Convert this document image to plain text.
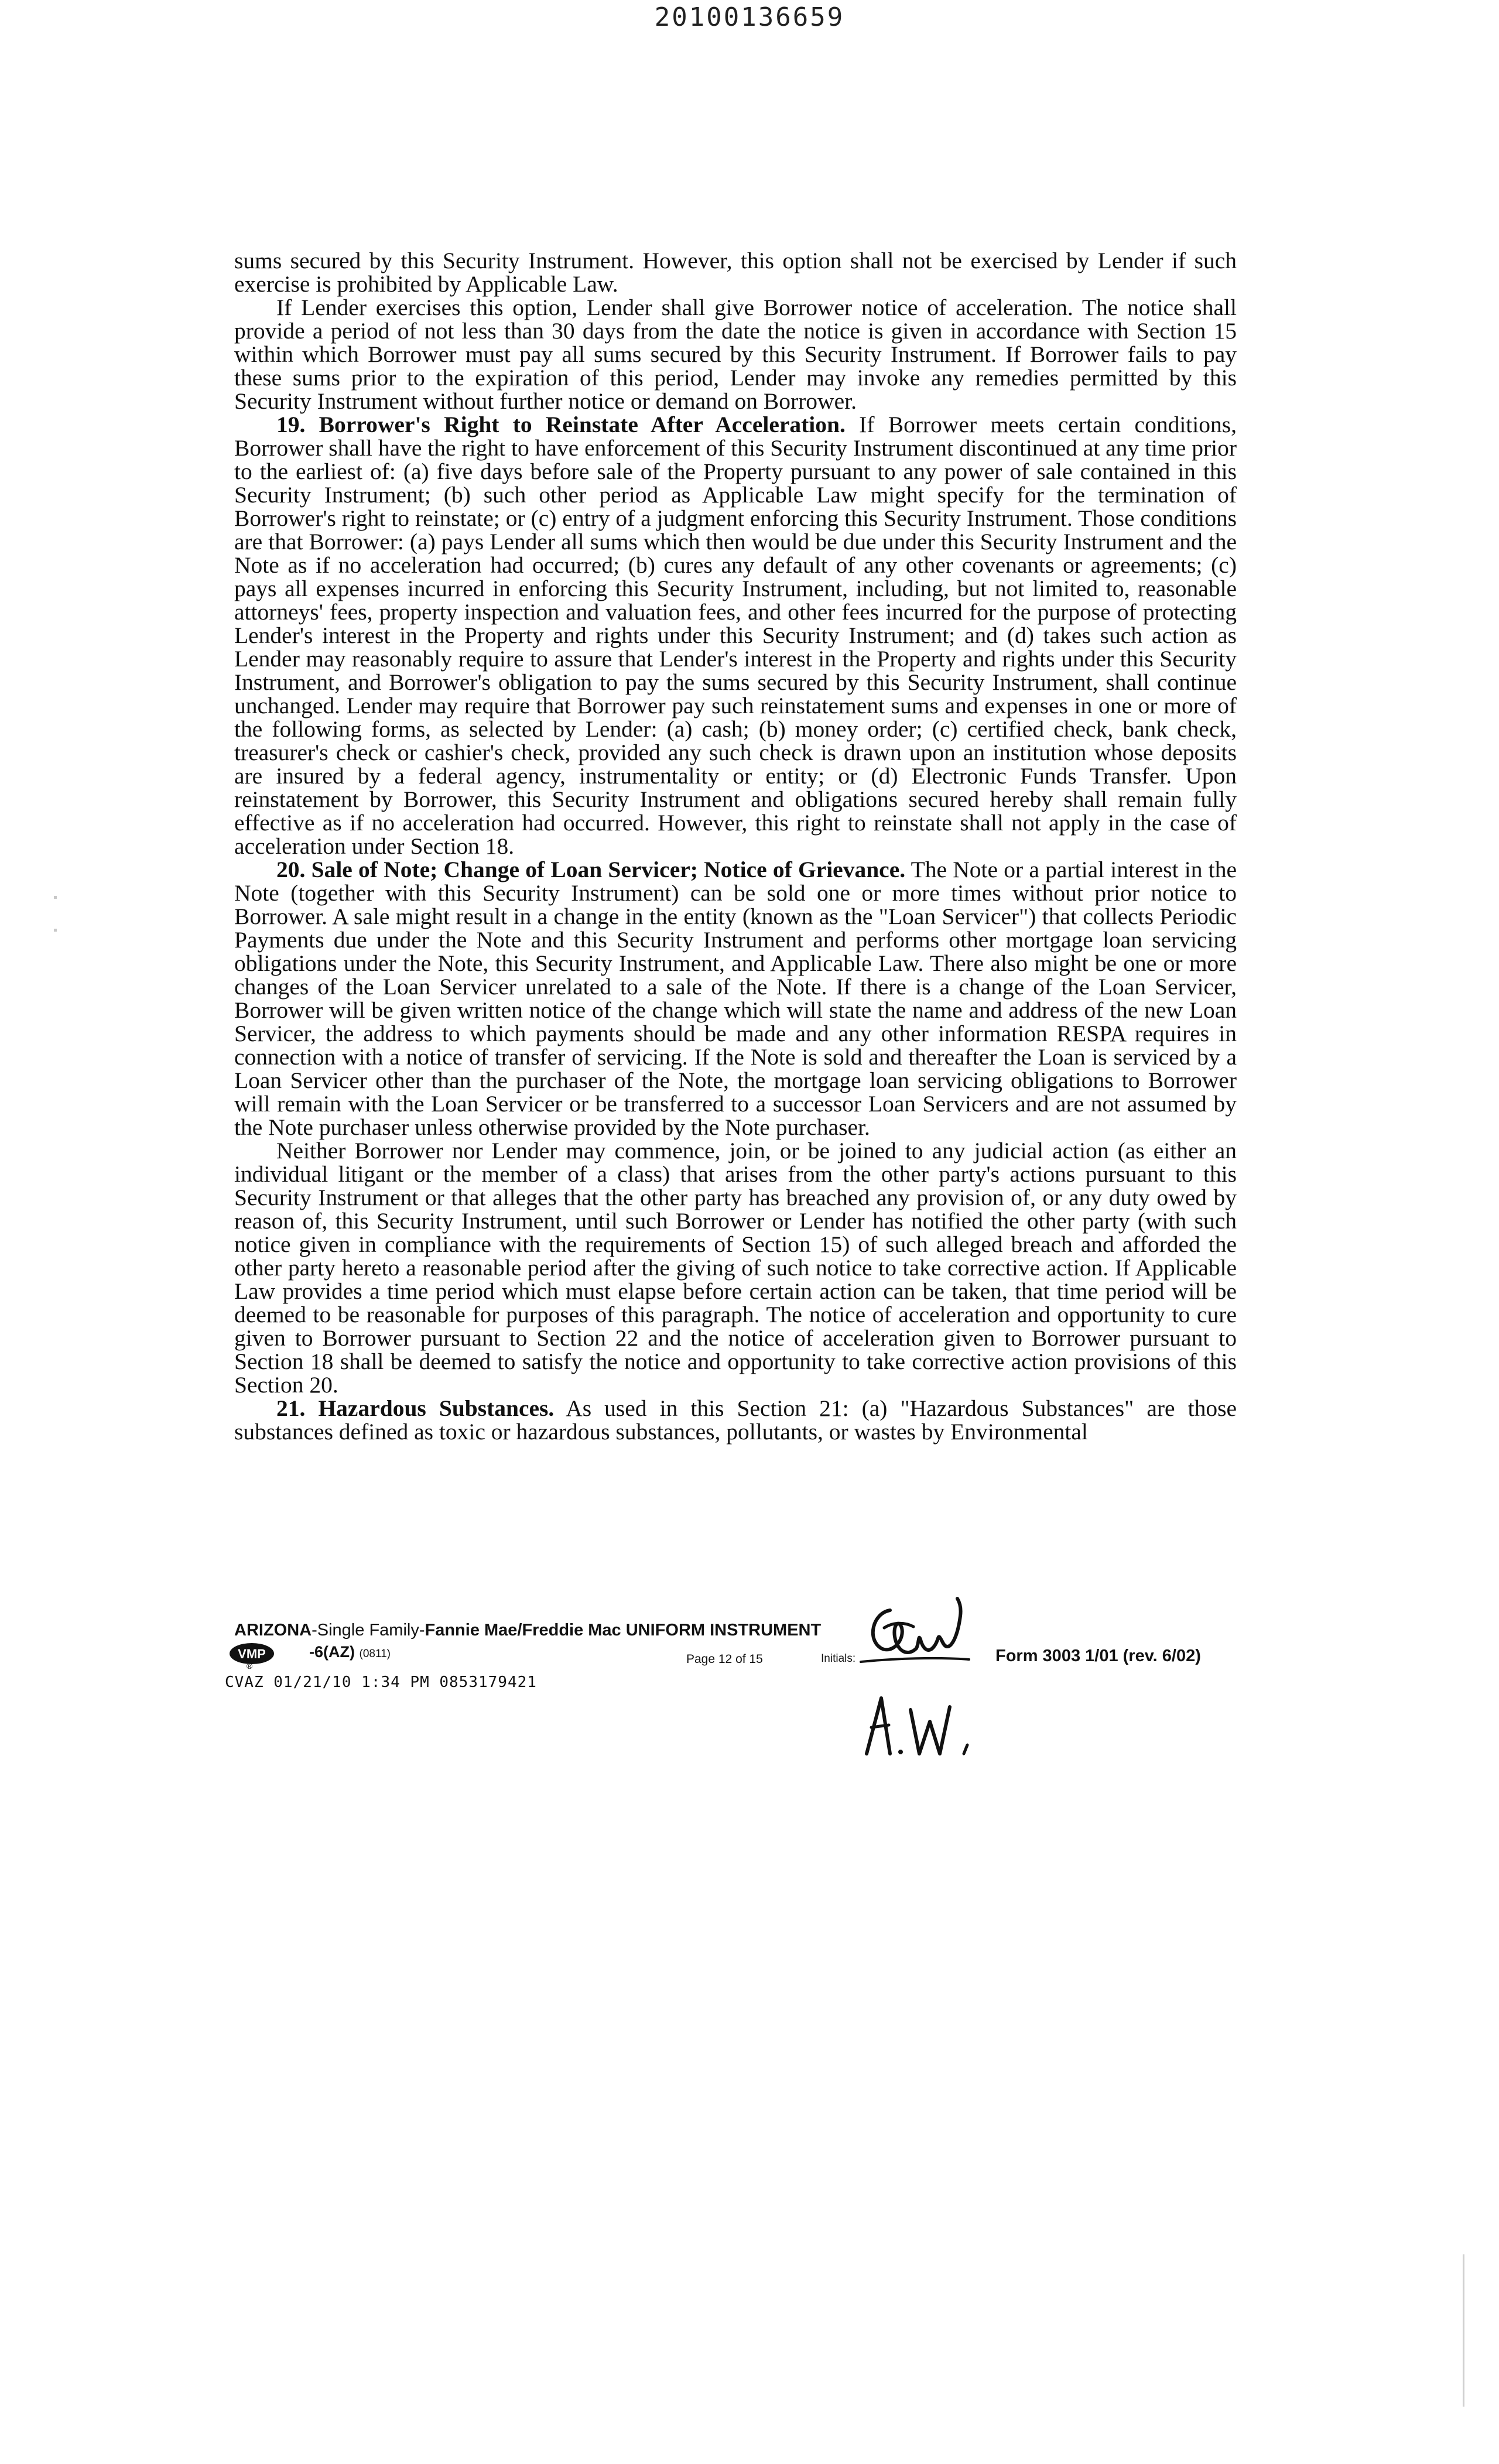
20100136659

sums secured by this Security Instrument. However, this option shall not be exercised by Lender if such exercise is prohibited by Applicable Law.

If Lender exercises this option, Lender shall give Borrower notice of acceleration. The notice shall provide a period of not less than 30 days from the date the notice is given in accordance with Section 15 within which Borrower must pay all sums secured by this Security Instrument. If Borrower fails to pay these sums prior to the expiration of this period, Lender may invoke any remedies permitted by this Security Instrument without further notice or demand on Borrower.

19. Borrower's Right to Reinstate After Acceleration. If Borrower meets certain conditions, Borrower shall have the right to have enforcement of this Security Instrument discontinued at any time prior to the earliest of: (a) five days before sale of the Property pursuant to any power of sale contained in this Security Instrument; (b) such other period as Applicable Law might specify for the termination of Borrower's right to reinstate; or (c) entry of a judgment enforcing this Security Instrument. Those conditions are that Borrower: (a) pays Lender all sums which then would be due under this Security Instrument and the Note as if no acceleration had occurred; (b) cures any default of any other covenants or agreements; (c) pays all expenses incurred in enforcing this Security Instrument, including, but not limited to, reasonable attorneys' fees, property inspection and valuation fees, and other fees incurred for the purpose of protecting Lender's interest in the Property and rights under this Security Instrument; and (d) takes such action as Lender may reasonably require to assure that Lender's interest in the Property and rights under this Security Instrument, and Borrower's obligation to pay the sums secured by this Security Instrument, shall continue unchanged. Lender may require that Borrower pay such reinstatement sums and expenses in one or more of the following forms, as selected by Lender: (a) cash; (b) money order; (c) certified check, bank check, treasurer's check or cashier's check, provided any such check is drawn upon an institution whose deposits are insured by a federal agency, instrumentality or entity; or (d) Electronic Funds Transfer. Upon reinstatement by Borrower, this Security Instrument and obligations secured hereby shall remain fully effective as if no acceleration had occurred. However, this right to reinstate shall not apply in the case of acceleration under Section 18.

20. Sale of Note; Change of Loan Servicer; Notice of Grievance. The Note or a partial interest in the Note (together with this Security Instrument) can be sold one or more times without prior notice to Borrower. A sale might result in a change in the entity (known as the "Loan Servicer") that collects Periodic Payments due under the Note and this Security Instrument and performs other mortgage loan servicing obligations under the Note, this Security Instrument, and Applicable Law. There also might be one or more changes of the Loan Servicer unrelated to a sale of the Note. If there is a change of the Loan Servicer, Borrower will be given written notice of the change which will state the name and address of the new Loan Servicer, the address to which payments should be made and any other information RESPA requires in connection with a notice of transfer of servicing. If the Note is sold and thereafter the Loan is serviced by a Loan Servicer other than the purchaser of the Note, the mortgage loan servicing obligations to Borrower will remain with the Loan Servicer or be transferred to a successor Loan Servicers and are not assumed by the Note purchaser unless otherwise provided by the Note purchaser.

Neither Borrower nor Lender may commence, join, or be joined to any judicial action (as either an individual litigant or the member of a class) that arises from the other party's actions pursuant to this Security Instrument or that alleges that the other party has breached any provision of, or any duty owed by reason of, this Security Instrument, until such Borrower or Lender has notified the other party (with such notice given in compliance with the requirements of Section 15) of such alleged breach and afforded the other party hereto a reasonable period after the giving of such notice to take corrective action. If Applicable Law provides a time period which must elapse before certain action can be taken, that time period will be deemed to be reasonable for purposes of this paragraph. The notice of acceleration and opportunity to cure given to Borrower pursuant to Section 22 and the notice of acceleration given to Borrower pursuant to Section 18 shall be deemed to satisfy the notice and opportunity to take corrective action provisions of this Section 20.

21. Hazardous Substances. As used in this Section 21: (a) "Hazardous Substances" are those substances defined as toxic or hazardous substances, pollutants, or wastes by Environmental

ARIZONA-Single Family-Fannie Mae/Freddie Mac UNIFORM INSTRUMENT
VMP
®
-6(AZ) (0811)	Page 12 of 15	Initials:	Form 3003 1/01 (rev. 6/02)
CVAZ 01/21/10 1:34 PM 0853179421
